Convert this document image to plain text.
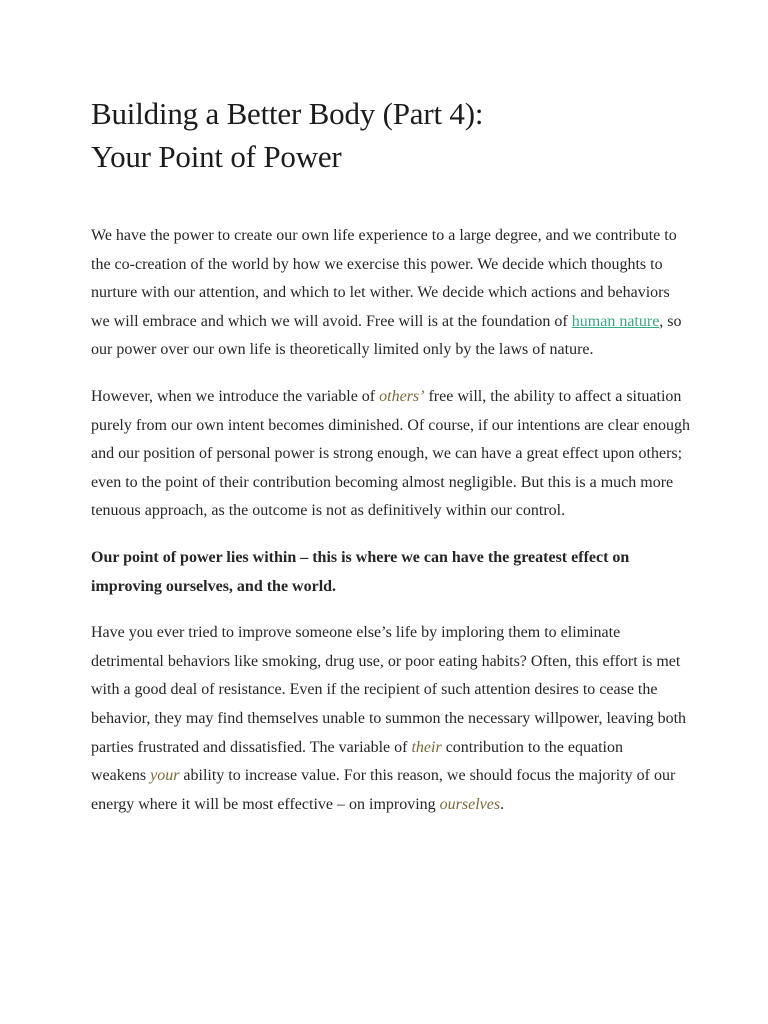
Building a Better Body (Part 4):
Your Point of Power

We have the power to create our own life experience to a large degree, and we contribute to the co-creation of the world by how we exercise this power. We decide which thoughts to nurture with our attention, and which to let wither. We decide which actions and behaviors we will embrace and which we will avoid. Free will is at the foundation of human nature, so our power over our own life is theoretically limited only by the laws of nature.

However, when we introduce the variable of others’ free will, the ability to affect a situation purely from our own intent becomes diminished. Of course, if our intentions are clear enough and our position of personal power is strong enough, we can have a great effect upon others; even to the point of their contribution becoming almost negligible. But this is a much more tenuous approach, as the outcome is not as definitively within our control.

Our point of power lies within – this is where we can have the greatest effect on improving ourselves, and the world.

Have you ever tried to improve someone else’s life by imploring them to eliminate detrimental behaviors like smoking, drug use, or poor eating habits? Often, this effort is met with a good deal of resistance. Even if the recipient of such attention desires to cease the behavior, they may find themselves unable to summon the necessary willpower, leaving both parties frustrated and dissatisfied. The variable of their contribution to the equation
weakens your ability to increase value. For this reason, we should focus the majority of our energy where it will be most effective – on improving ourselves.
